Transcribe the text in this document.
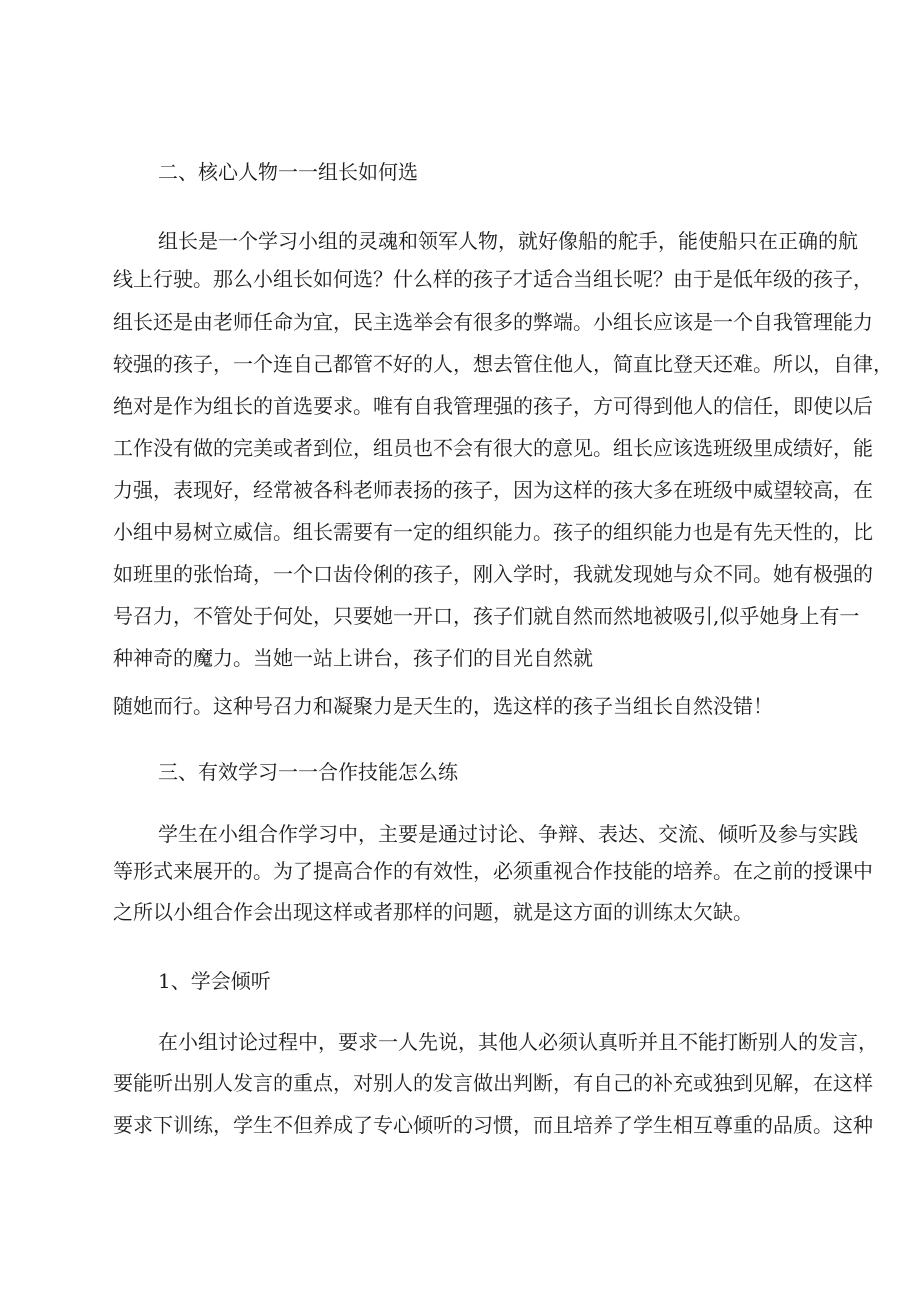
二、核心人物一一组长如何选
组长是一个学习小组的灵魂和领军人物，就好像船的舵手，能使船只在正确的航
线上行驶。那么小组长如何选？什么样的孩子才适合当组长呢？由于是低年级的孩子，
组长还是由老师任命为宜，民主选举会有很多的弊端。小组长应该是一个自我管理能力
较强的孩子，一个连自己都管不好的人，想去管住他人，简直比登天还难。所以，自律，
绝对是作为组长的首选要求。唯有自我管理强的孩子，方可得到他人的信任，即使以后
工作没有做的完美或者到位，组员也不会有很大的意见。组长应该选班级里成绩好，能
力强，表现好，经常被各科老师表扬的孩子，因为这样的孩大多在班级中威望较高，在
小组中易树立威信。组长需要有一定的组织能力。孩子的组织能力也是有先天性的，比
如班里的张怡琦，一个口齿伶俐的孩子，刚入学时，我就发现她与众不同。她有极强的
号召力，不管处于何处，只要她一开口，孩子们就自然而然地被吸引,似乎她身上有一
种神奇的魔力。当她一站上讲台，孩子们的目光自然就
随她而行。这种号召力和凝聚力是天生的，选这样的孩子当组长自然没错！
三、有效学习一一合作技能怎么练
学生在小组合作学习中，主要是通过讨论、争辩、表达、交流、倾听及参与实践
等形式来展开的。为了提高合作的有效性，必须重视合作技能的培养。在之前的授课中
之所以小组合作会出现这样或者那样的问题，就是这方面的训练太欠缺。
1、学会倾听
在小组讨论过程中，要求一人先说，其他人必须认真听并且不能打断别人的发言，
要能听出别人发言的重点，对别人的发言做出判断，有自己的补充或独到见解，在这样
要求下训练，学生不但养成了专心倾听的习惯，而且培养了学生相互尊重的品质。这种
